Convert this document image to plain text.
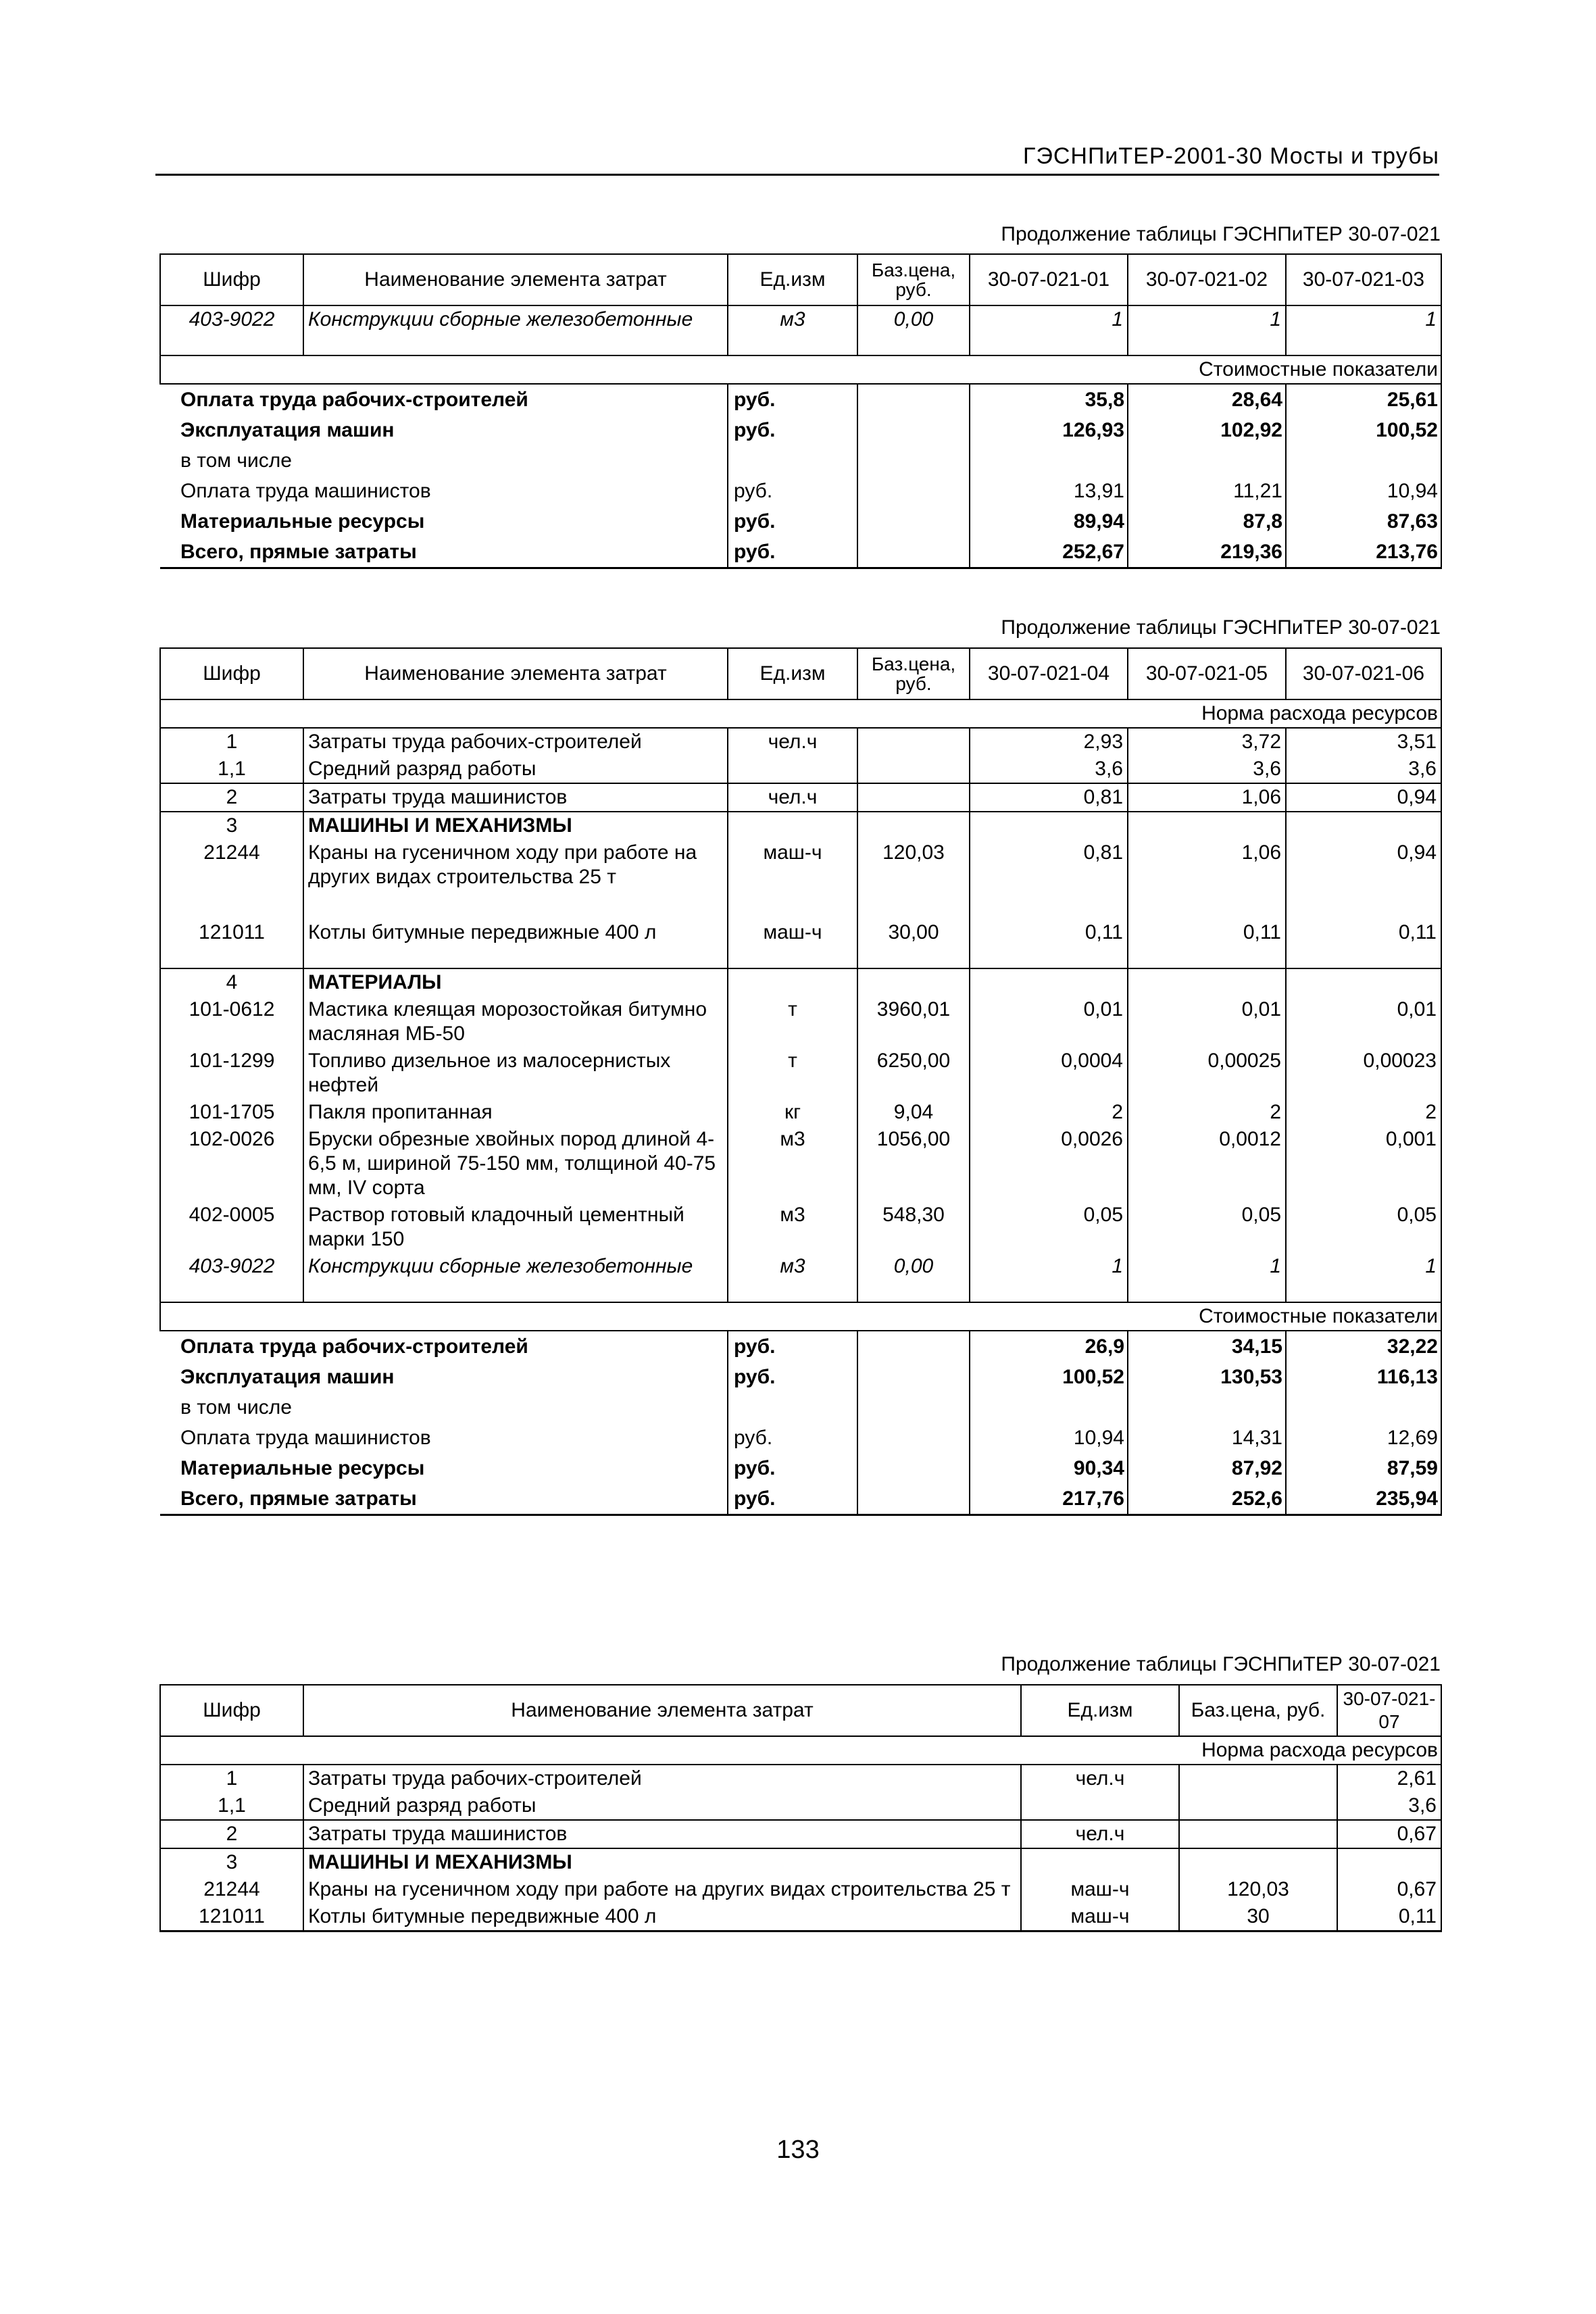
ГЭСНПиТЕР-2001-30 Мосты и трубы
Продолжение таблицы ГЭСНПиТЕР 30-07-021
Шифр	Наименование элемента затрат	Ед.изм	Баз.цена, руб.	30-07-021-01	30-07-021-02	30-07-021-03
403-9022	Конструкции сборные железобетонные	м3	0,00	1	1	1
Стоимостные показатели						
Оплата труда рабочих-строителей		руб.		35,8	28,64	25,61
Эксплуатация машин		руб.		126,93	102,92	100,52
в том числе						
Оплата труда машинистов		руб.		13,91	11,21	10,94
Материальные ресурсы		руб.		89,94	87,8	87,63
Всего, прямые затраты		руб.		252,67	219,36	213,76
Продолжение таблицы ГЭСНПиТЕР 30-07-021
Шифр	Наименование элемента затрат	Ед.изм	Баз.цена, руб.	30-07-021-04	30-07-021-05	30-07-021-06
Норма расхода ресурсов						
1	Затраты труда рабочих-строителей	чел.ч		2,93	3,72	3,51
1,1	Средний разряд работы			3,6	3,6	3,6
2	Затраты труда машинистов	чел.ч		0,81	1,06	0,94
3	МАШИНЫ И МЕХАНИЗМЫ					
21244	Краны на гусеничном ходу при работе на других видах строительства 25 т	маш-ч	120,03	0,81	1,06	0,94
121011	Котлы битумные передвижные 400 л	маш-ч	30,00	0,11	0,11	0,11
4	МАТЕРИАЛЫ					
101-0612	Мастика клеящая морозостойкая битумно масляная МБ-50	т	3960,01	0,01	0,01	0,01
101-1299	Топливо дизельное из малосернистых нефтей	т	6250,00	0,0004	0,00025	0,00023
101-1705	Пакля пропитанная	кг	9,04	2	2	2
102-0026	Бруски обрезные хвойных пород длиной 4-6,5 м, шириной 75-150 мм, толщиной 40-75 мм, IV сорта	м3	1056,00	0,0026	0,0012	0,001
402-0005	Раствор готовый кладочный цементный марки 150	м3	548,30	0,05	0,05	0,05
403-9022	Конструкции сборные железобетонные	м3	0,00	1	1	1
Стоимостные показатели						
Оплата труда рабочих-строителей		руб.		26,9	34,15	32,22
Эксплуатация машин		руб.		100,52	130,53	116,13
в том числе						
Оплата труда машинистов		руб.		10,94	14,31	12,69
Материальные ресурсы		руб.		90,34	87,92	87,59
Всего, прямые затраты		руб.		217,76	252,6	235,94
Продолжение таблицы ГЭСНПиТЕР 30-07-021
Шифр	Наименование элемента затрат	Ед.изм	Баз.цена, руб.	30-07-021-07
Норма расхода ресурсов				
1	Затраты труда рабочих-строителей	чел.ч		2,61
1,1	Средний разряд работы			3,6
2	Затраты труда машинистов	чел.ч		0,67
3	МАШИНЫ И МЕХАНИЗМЫ			
21244	Краны на гусеничном ходу при работе на других видах строительства 25 т	маш-ч	120,03	0,67
121011	Котлы битумные передвижные 400 л	маш-ч	30	0,11
133
